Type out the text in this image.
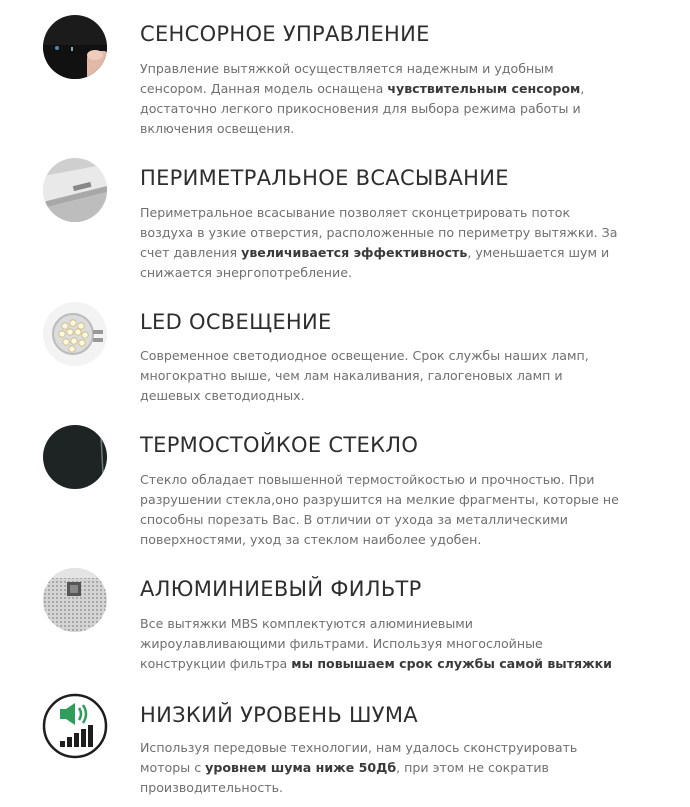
СЕНСОРНОЕ УПРАВЛЕНИЕ

Управление вытяжкой осуществляется надежным и удобным сенсором. Данная модель оснащена чувствительным сенсором, достаточно легкого прикосновения для выбора режима работы и включения освещения.

ПЕРИМЕТРАЛЬНОЕ ВСАСЫВАНИЕ

Периметральное всасывание позволяет сконцетрировать поток воздуха в узкие отверстия, расположенные по периметру вытяжки. За счет давления увеличивается эффективность, уменьшается шум и снижается энергопотребление.

LED ОСВЕЩЕНИЕ

Современное светодиодное освещение. Срок службы наших ламп, многократно выше, чем лам накаливания, галогеновых ламп и дешевых светодиодных.

ТЕРМОСТОЙКОЕ СТЕКЛО

Стекло обладает повышенной термостойкостью и прочностью. При разрушении стекла,оно разрушится на мелкие фрагменты, которые не способны порезать Вас. В отличии от ухода за металлическими поверхностями, уход за стеклом наиболее удобен.

АЛЮМИНИЕВЫЙ ФИЛЬТР

Все вытяжки MBS комплектуются алюминиевыми жироулавливающими фильтрами. Используя многослойные конструкции фильтра мы повышаем срок службы самой вытяжки

НИЗКИЙ УРОВЕНЬ ШУМА

Используя передовые технологии, нам удалось сконструировать моторы с уровнем шума ниже 50Дб, при этом не сократив производительность.
